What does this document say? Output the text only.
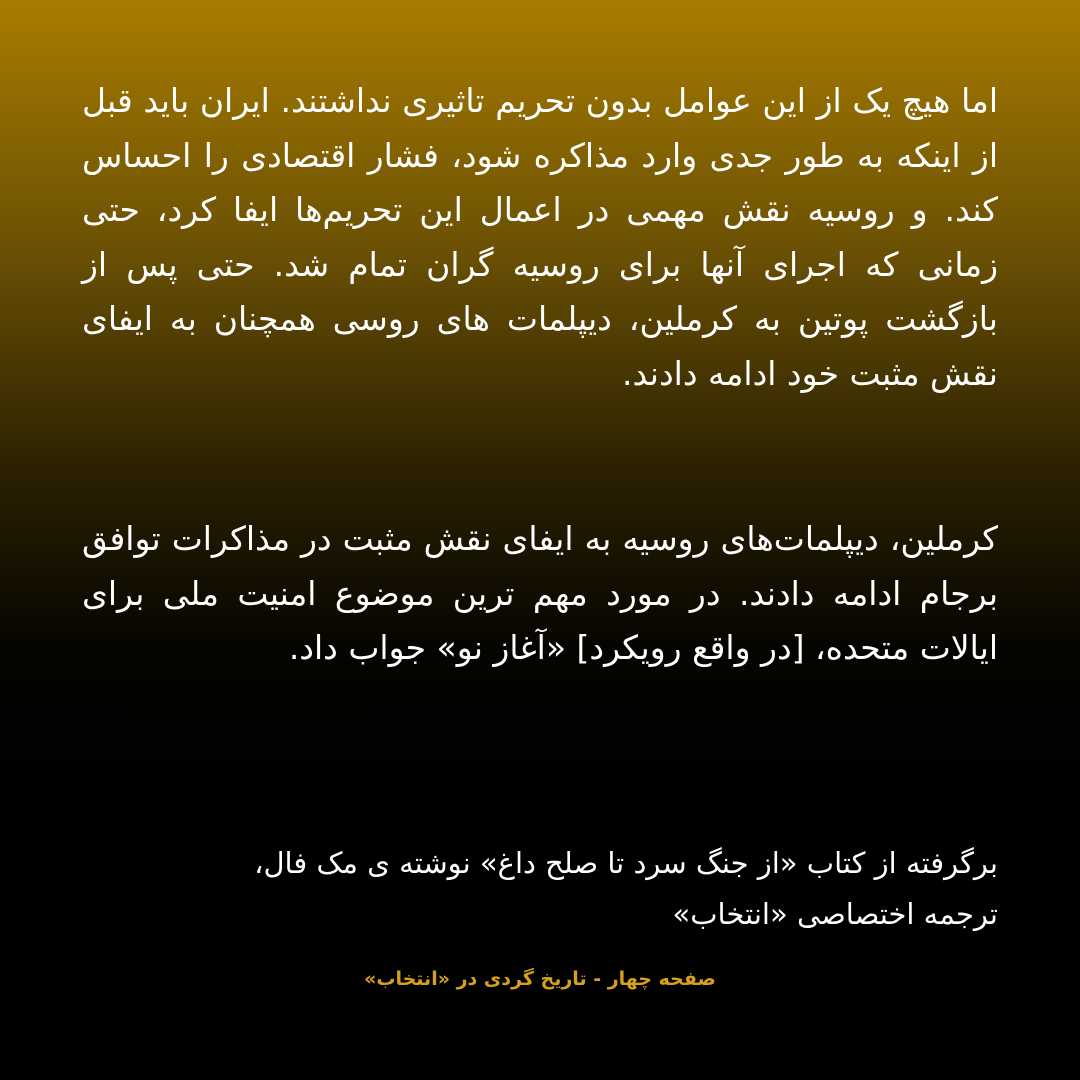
اما هیچ یک از این عوامل بدون تحریم تاثیری نداشتند. ایران باید قبل از اینکه به طور جدی وارد مذاکره شود، فشار اقتصادی را احساس کند. و روسیه نقش مهمی در اعمال این تحریم‌ها ایفا کرد، حتی زمانی که اجرای آنها برای روسیه گران تمام شد. حتی پس از بازگشت پوتین به کرملین، دیپلمات های روسی همچنان به ایفای نقش مثبت خود ادامه دادند.

کرملین، دیپلمات‌های روسیه به ایفای نقش مثبت در مذاکرات توافق برجام ادامه دادند. در مورد مهم ترین موضوع امنیت ملی برای ایالات متحده، [در واقع رویکرد] «آغاز نو» جواب داد.

برگرفته از کتاب «از جنگ سرد تا صلح داغ» نوشته ی مک فال،
ترجمه اختصاصی «انتخاب»

صفحه چهار - تاریخ گردی در «انتخاب»
